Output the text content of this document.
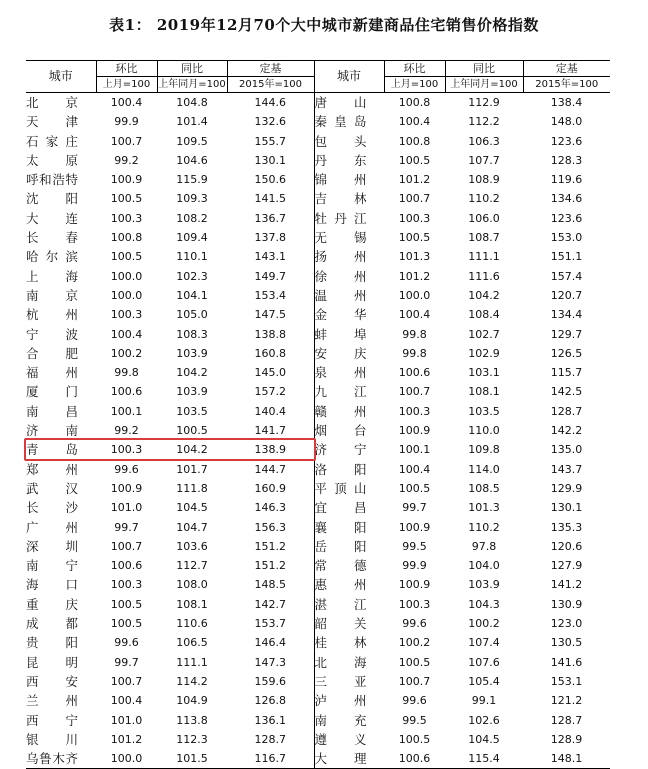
表1： 2019年12月70个大中城市新建商品住宅销售价格指数
城市	环比	同比	定基	城市	环比	同比	定基
	上月=100	上年同月=100	2015年=100		上月=100	上年同月=100	2015年=100
北京	100.4	104.8	144.6	唐山	100.8	112.9	138.4
天津	99.9	101.4	132.6	秦皇岛	100.4	112.2	148.0
石家庄	100.7	109.5	155.7	包头	100.8	106.3	123.6
太原	99.2	104.6	130.1	丹东	100.5	107.7	128.3
呼和浩特	100.9	115.9	150.6	锦州	101.2	108.9	119.6
沈阳	100.5	109.3	141.5	吉林	100.7	110.2	134.6
大连	100.3	108.2	136.7	牡丹江	100.3	106.0	123.6
长春	100.8	109.4	137.8	无锡	100.5	108.7	153.0
哈尔滨	100.5	110.1	143.1	扬州	101.3	111.1	151.1
上海	100.0	102.3	149.7	徐州	101.2	111.6	157.4
南京	100.0	104.1	153.4	温州	100.0	104.2	120.7
杭州	100.3	105.0	147.5	金华	100.4	108.4	134.4
宁波	100.4	108.3	138.8	蚌埠	99.8	102.7	129.7
合肥	100.2	103.9	160.8	安庆	99.8	102.9	126.5
福州	99.8	104.2	145.0	泉州	100.6	103.1	115.7
厦门	100.6	103.9	157.2	九江	100.7	108.1	142.5
南昌	100.1	103.5	140.4	赣州	100.3	103.5	128.7
济南	99.2	100.5	141.7	烟台	100.9	110.0	142.2
青岛	100.3	104.2	138.9	济宁	100.1	109.8	135.0
郑州	99.6	101.7	144.7	洛阳	100.4	114.0	143.7
武汉	100.9	111.8	160.9	平顶山	100.5	108.5	129.9
长沙	101.0	104.5	146.3	宜昌	99.7	101.3	130.1
广州	99.7	104.7	156.3	襄阳	100.9	110.2	135.3
深圳	100.7	103.6	151.2	岳阳	99.5	97.8	120.6
南宁	100.6	112.7	151.2	常德	99.9	104.0	127.9
海口	100.3	108.0	148.5	惠州	100.9	103.9	141.2
重庆	100.5	108.1	142.7	湛江	100.3	104.3	130.9
成都	100.5	110.6	153.7	韶关	99.6	100.2	123.0
贵阳	99.6	106.5	146.4	桂林	100.2	107.4	130.5
昆明	99.7	111.1	147.3	北海	100.5	107.6	141.6
西安	100.7	114.2	159.6	三亚	100.7	105.4	153.1
兰州	100.4	104.9	126.8	泸州	99.6	99.1	121.2
西宁	101.0	113.8	136.1	南充	99.5	102.6	128.7
银川	101.2	112.3	128.7	遵义	100.5	104.5	128.9
乌鲁木齐	100.0	101.5	116.7	大理	100.6	115.4	148.1
